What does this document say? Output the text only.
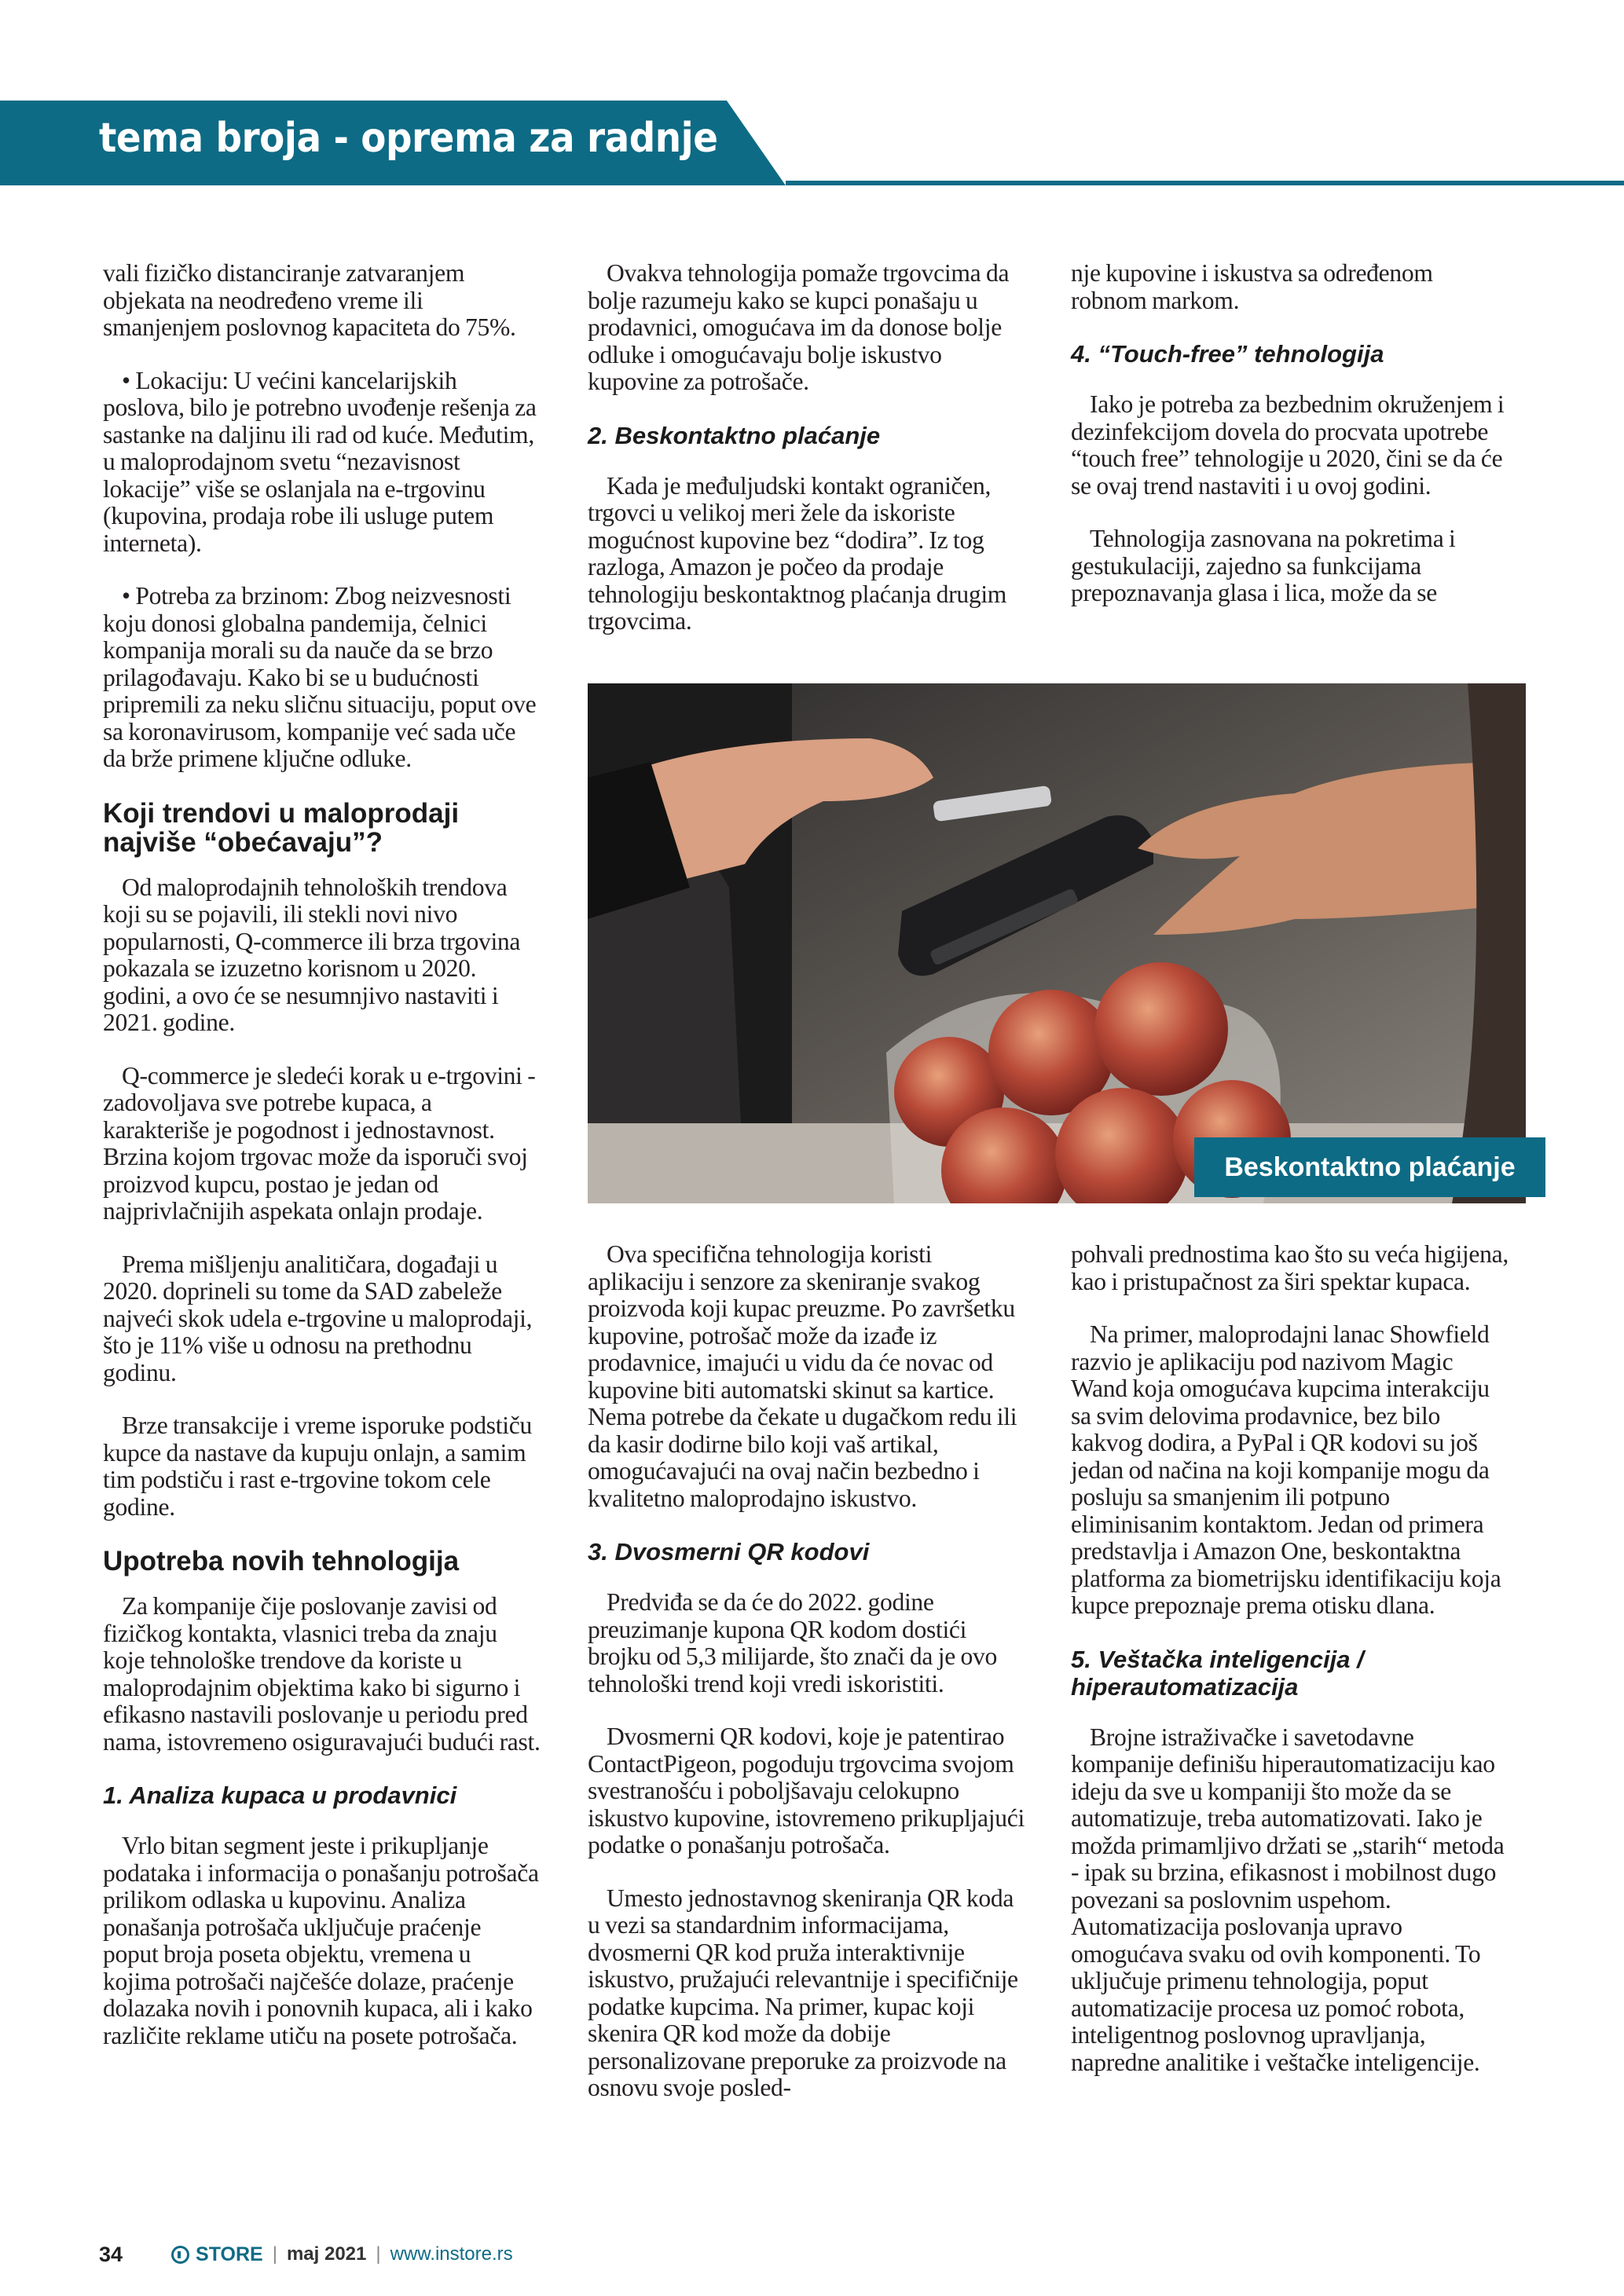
tema broja - oprema za radnje

vali fizičko distanciranje zatvaranjem objekata na neodređeno vreme ili smanjenjem poslovnog kapaciteta do 75%.

• Lokaciju: U većini kancelarijskih poslova, bilo je potrebno uvođenje rešenja za sastanke na daljinu ili rad od kuće. Međutim, u maloprodajnom svetu “nezavisnost lokacije” više se oslanjala na e-trgovinu (kupovina, prodaja robe ili usluge putem interneta).

• Potreba za brzinom: Zbog neizvesnosti koju donosi globalna pandemija, čelnici kompanija morali su da nauče da se brzo prilagođavaju. Kako bi se u budućnosti pripremili za neku sličnu situaciju, poput ove sa koronavirusom, kompanije već sada uče da brže primene ključne odluke.

Koji trendovi u maloprodaji najviše “obećavaju”?

Od maloprodajnih tehnoloških trendova koji su se pojavili, ili stekli novi nivo popularnosti, Q-commerce ili brza trgovina pokazala se izuzetno korisnom u 2020. godini, a ovo će se nesumnjivo nastaviti i 2021. godine.

Q-commerce je sledeći korak u e-trgovini - zadovoljava sve potrebe kupaca, a karakteriše je pogodnost i jednostavnost. Brzina kojom trgovac može da isporuči svoj proizvod kupcu, postao je jedan od najprivlačnijih aspekata onlajn prodaje.

Prema mišljenju analitičara, događaji u 2020. doprineli su tome da SAD zabeleže najveći skok udela e-trgovine u maloprodaji, što je 11% više u odnosu na prethodnu godinu.

Brze transakcije i vreme isporuke podstiču kupce da nastave da kupuju onlajn, a samim tim podstiču i rast e-trgovine tokom cele godine.

Upotreba novih tehnologija

Za kompanije čije poslovanje zavisi od fizičkog kontakta, vlasnici treba da znaju koje tehnološke trendove da koriste u maloprodajnim objektima kako bi sigurno i efikasno nastavili poslovanje u periodu pred nama, istovremeno osiguravajući budući rast.

1. Analiza kupaca u prodavnici

Vrlo bitan segment jeste i prikupljanje podataka i informacija o ponašanju potrošača prilikom odlaska u kupovinu. Analiza ponašanja potrošača uključuje praćenje poput broja poseta objektu, vremena u kojima potrošači najčešće dolaze, praćenje dolazaka novih i ponovnih kupaca, ali i kako različite reklame utiču na posete potrošača.

Ovakva tehnologija pomaže trgovcima da bolje razumeju kako se kupci ponašaju u prodavnici, omogućava im da donose bolje odluke i omogućavaju bolje iskustvo kupovine za potrošače.

2. Beskontaktno plaćanje

Kada je međuljudski kontakt ograničen, trgovci u velikoj meri žele da iskoriste mogućnost kupovine bez “dodira”. Iz tog razloga, Amazon je počeo da prodaje tehnologiju beskontaktnog plaćanja drugim trgovcima.

nje kupovine i iskustva sa određenom robnom markom.

4. “Touch-free” tehnologija

Iako je potreba za bezbednim okruženjem i dezinfekcijom dovela do procvata upotrebe “touch free” tehnologije u 2020, čini se da će se ovaj trend nastaviti i u ovoj godini.

Tehnologija zasnovana na pokretima i gestukulaciji, zajedno sa funkcijama prepoznavanja glasa i lica, može da se

Beskontaktno plaćanje

Ova specifična tehnologija koristi aplikaciju i senzore za skeniranje svakog proizvoda koji kupac preuzme. Po završetku kupovine, potrošač može da izađe iz prodavnice, imajući u vidu da će novac od kupovine biti automatski skinut sa kartice. Nema potrebe da čekate u dugačkom redu ili da kasir dodirne bilo koji vaš artikal, omogućavajući na ovaj način bezbedno i kvalitetno maloprodajno iskustvo.

3. Dvosmerni QR kodovi

Predviđa se da će do 2022. godine preuzimanje kupona QR kodom dostići brojku od 5,3 milijarde, što znači da je ovo tehnološki trend koji vredi iskoristiti.

Dvosmerni QR kodovi, koje je patentirao ContactPigeon, pogoduju trgovcima svojom svestranošću i poboljšavaju celokupno iskustvo kupovine, istovremeno prikupljajući podatke o ponašanju potrošača.

Umesto jednostavnog skeniranja QR koda u vezi sa standardnim informacijama, dvosmerni QR kod pruža interaktivnije iskustvo, pružajući relevantnije i specifičnije podatke kupcima. Na primer, kupac koji skenira QR kod može da dobije personalizovane preporuke za proizvode na osnovu svoje posled-

pohvali prednostima kao što su veća higijena, kao i pristupačnost za širi spektar kupaca.

Na primer, maloprodajni lanac Showfield razvio je aplikaciju pod nazivom Magic Wand koja omogućava kupcima interakciju sa svim delovima prodavnice, bez bilo kakvog dodira, a PyPal i QR kodovi su još jedan od načina na koji kompanije mogu da posluju sa smanjenim ili potpuno eliminisanim kontaktom. Jedan od primera predstavlja i Amazon One, beskontaktna platforma za biometrijsku identifikaciju koja kupce prepoznaje prema otisku dlana.

5. Veštačka inteligencija / hiperautomatizacija

Brojne istraživačke i savetodavne kompanije definišu hiperautomatizaciju kao ideju da sve u kompaniji što može da se automatizuje, treba automatizovati. Iako je možda primamljivo držati se „starih“ metoda - ipak su brzina, efikasnost i mobilnost dugo povezani sa poslovnim uspehom. Automatizacija poslovanja upravo omogućava svaku od ovih komponenti. To uključuje primenu tehnologija, poput automatizacije procesa uz pomoć robota, inteligentnog poslovnog upravljanja, napredne analitike i veštačke inteligencije.

34	STORE | maj 2021 | www.instore.rs
